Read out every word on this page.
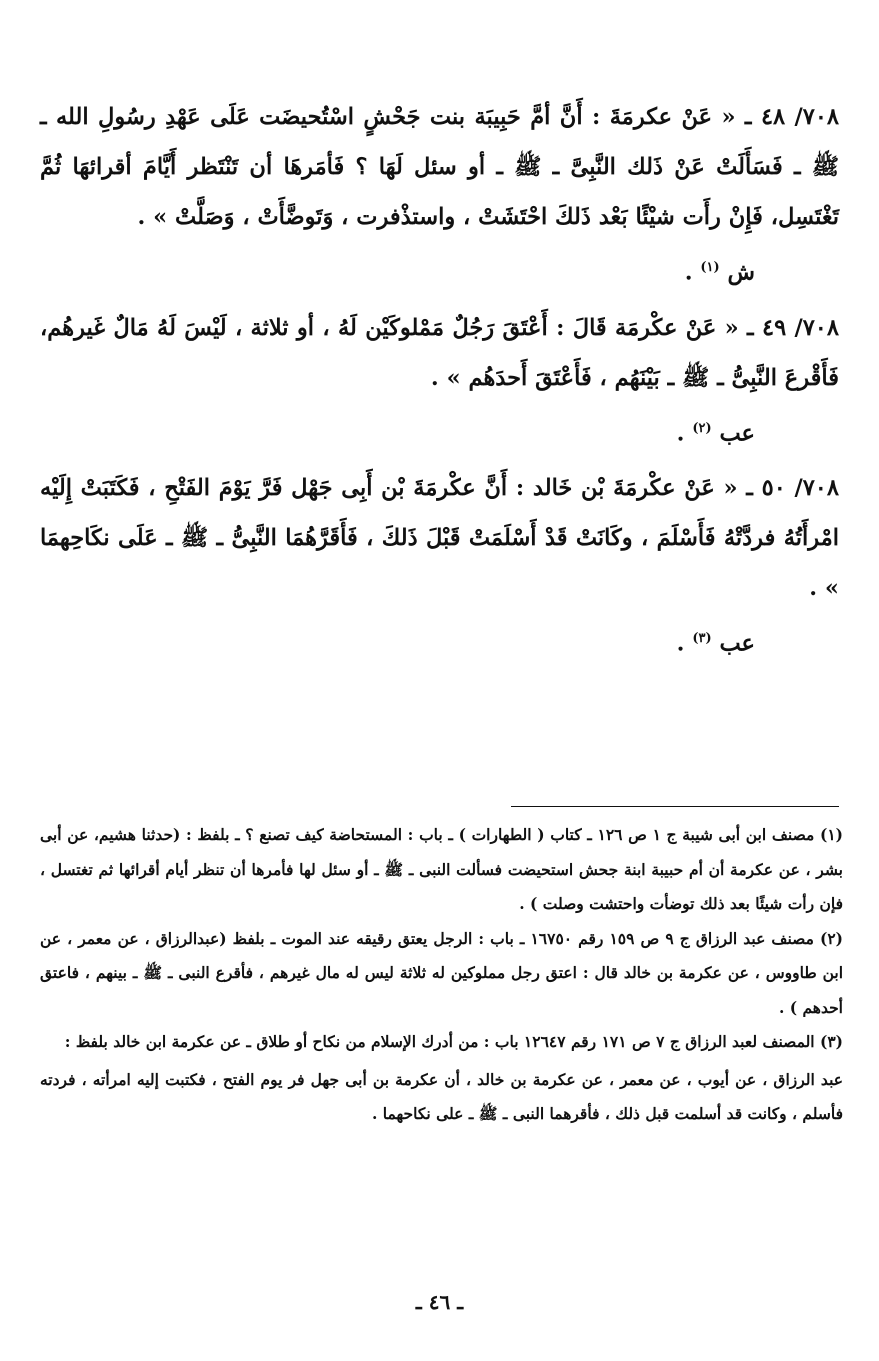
٧٠٨/ ٤٨ ـ « عَنْ عكرمَةَ : أَنَّ أمَّ حَبِيبَة بنت جَحْشٍ اسْتُحيضَت عَلَى عَهْدِ رسُولِ الله ـ ﷺ ـ فَسَأَلَتْ عَنْ ذَلك النَّبِىَّ ـ ﷺ ـ أو سئل لَهَا ؟ فَأمَرهَا أن تَنْتَظر أَيَّامَ أقرائهَا ثُمَّ تَغْتَسِل، فَإِنْ رأَت شيْئًا بَعْد ذَلكَ احْتَشَتْ ، واستذْفرت ، وَتَوضَّأَتْ ، وَصَلَّتْ » .

ش $^{(١)}$ .

٧٠٨/ ٤٩ ـ « عَنْ عكْرمَة قَالَ : أَعْتَقَ رَجُلٌ مَمْلوكَيْن لَهُ ، أو ثلاثة ، لَيْسَ لَهُ مَالٌ غَيرهُم، فَأَقْرعَ النَّبِىُّ ـ ﷺ ـ بَيْنَهُم ، فَأَعْتَقَ أَحدَهُم » .

عب $^{(٢)}$ .

٧٠٨/ ٥٠ ـ « عَنْ عكْرمَةَ بْن خَالد : أَنَّ عكْرمَةَ بْن أَبِى جَهْل فَرَّ يَوْمَ الفَتْحِ ، فَكَتَبَتْ إِلَيْه امْرأَتُهُ فردَّتْهُ فَأَسْلَمَ ، وكَانَتْ قَدْ أَسْلَمَتْ قَبْلَ ذَلكَ ، فَأَقَرَّهُمَا النَّبِىُّ ـ ﷺ ـ عَلَى نكَاحِهمَا » .

عب $^{(٣)}$ .

(١) مصنف ابن أبى شيبة ج ١ ص ١٢٦ ـ كتاب ( الطهارات ) ـ باب : المستحاضة كيف تصنع ؟ ـ بلفظ : (حدثنا هشيم، عن أبى بشر ، عن عكرمة أن أم حبيبة ابنة جحش استحيضت فسألت النبى ـ ﷺ ـ أو سئل لها فأمرها أن تنظر أيام أقرائها ثم تغتسل ، فإن رأت شيئًا بعد ذلك توضأت واحتشت وصلت ) .

(٢) مصنف عبد الرزاق ج ٩ ص ١٥٩ رقم ١٦٧٥٠ ـ باب : الرجل يعتق رقيقه عند الموت ـ بلفظ (عبدالرزاق ، عن معمر ، عن ابن طاووس ، عن عكرمة بن خالد قال : اعتق رجل مملوكين له ثلاثة ليس له مال غيرهم ، فأقرع النبى ـ ﷺ ـ بينهم ، فاعتق أحدهم ) .

(٣) المصنف لعبد الرزاق ج ٧ ص ١٧١ رقم ١٢٦٤٧ باب : من أدرك الإسلام من نكاح أو طلاق ـ عن عكرمة ابن خالد بلفظ :

عبد الرزاق ، عن أيوب ، عن معمر ، عن عكرمة بن خالد ، أن عكرمة بن أبى جهل فر يوم الفتح ، فكتبت إليه امرأته ، فردته فأسلم ، وكانت قد أسلمت قبل ذلك ، فأقرهما النبى ـ ﷺ ـ على نكاحهما .

ـ ٤٦ ـ
